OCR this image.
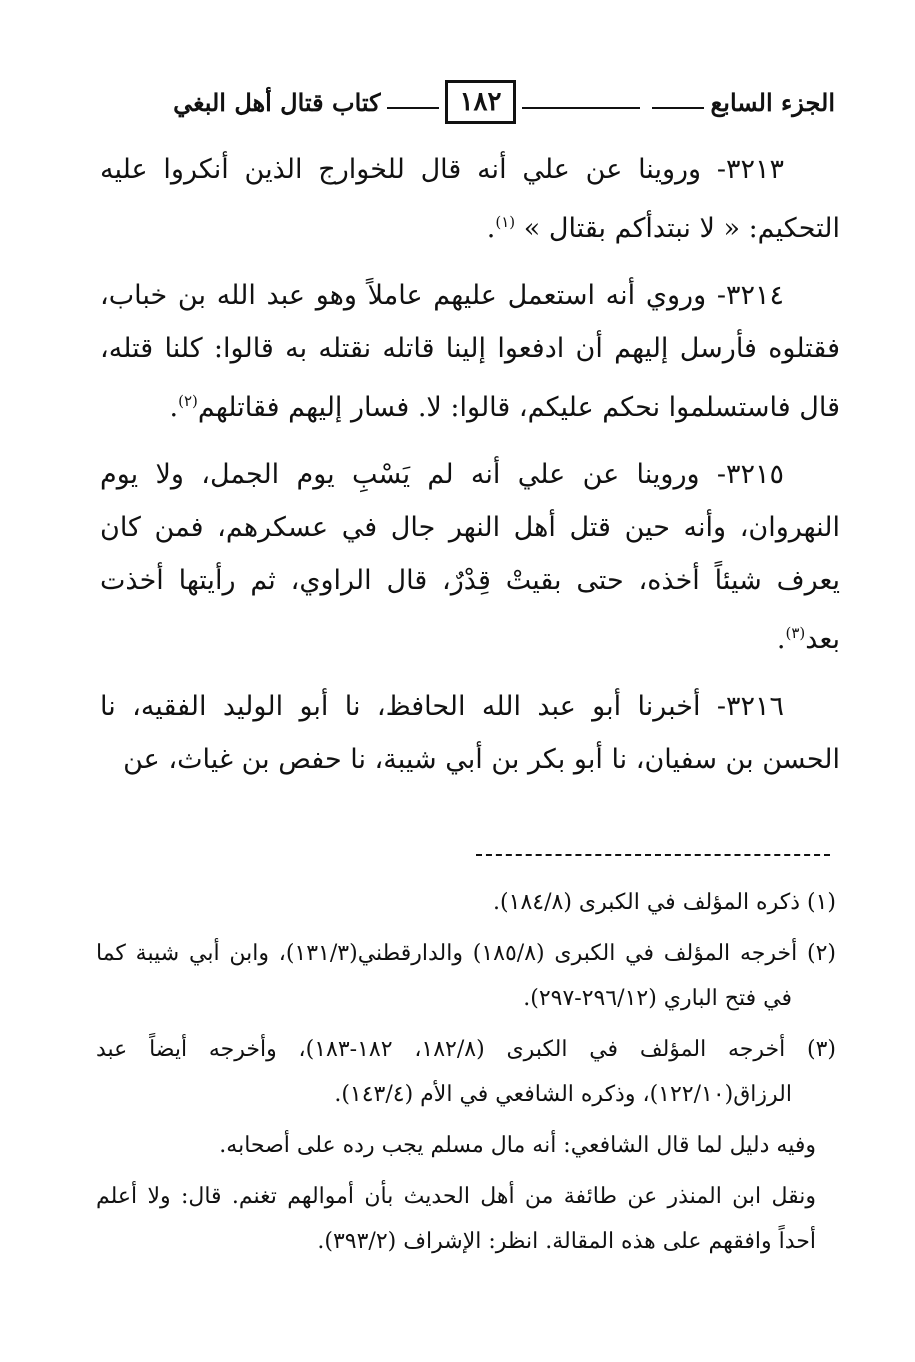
الجزء السابع
١٨٢
كتاب قتال أهل البغي

٣٢١٣- وروينا عن علي أنه قال للخوارج الذين أنكروا عليه التحكيم: « لا نبتدأكم بقتال » $^{(١)}$.

٣٢١٤- وروي أنه استعمل عليهم عاملاً وهو عبد الله بن خباب، فقتلوه فأرسل إليهم أن ادفعوا إلينا قاتله نقتله به قالوا: كلنا قتله، قال فاستسلموا نحكم عليكم، قالوا: لا. فسار إليهم فقاتلهم$^{(٢)}$.

٣٢١٥- وروينا عن علي أنه لم يَسْبِ يوم الجمل، ولا يوم النهروان، وأنه حين قتل أهل النهر جال في عسكرهم، فمن كان يعرف شيئاً أخذه، حتى بقيتْ قِدْرٌ، قال الراوي، ثم رأيتها أخذت بعد$^{(٣)}$.

٣٢١٦- أخبرنا أبو عبد الله الحافظ، نا أبو الوليد الفقيه، نا الحسن بن سفيان، نا أبو بكر بن أبي شيبة، نا حفص بن غياث، عن

(١) ذكره المؤلف في الكبرى (١٨٤/٨).

(٢) أخرجه المؤلف في الكبرى (١٨٥/٨) والدارقطني(١٣١/٣)، وابن أبي شيبة كما في فتح الباري (٢٩٦/١٢-٢٩٧).

(٣) أخرجه المؤلف في الكبرى (١٨٢/٨، ١٨٢-١٨٣)، وأخرجه أيضاً عبد الرزاق(١٢٢/١٠)، وذكره الشافعي في الأم (١٤٣/٤).

وفيه دليل لما قال الشافعي: أنه مال مسلم يجب رده على أصحابه.

ونقل ابن المنذر عن طائفة من أهل الحديث بأن أموالهم تغنم. قال: ولا أعلم أحداً وافقهم على هذه المقالة. انظر: الإشراف (٣٩٣/٢).
